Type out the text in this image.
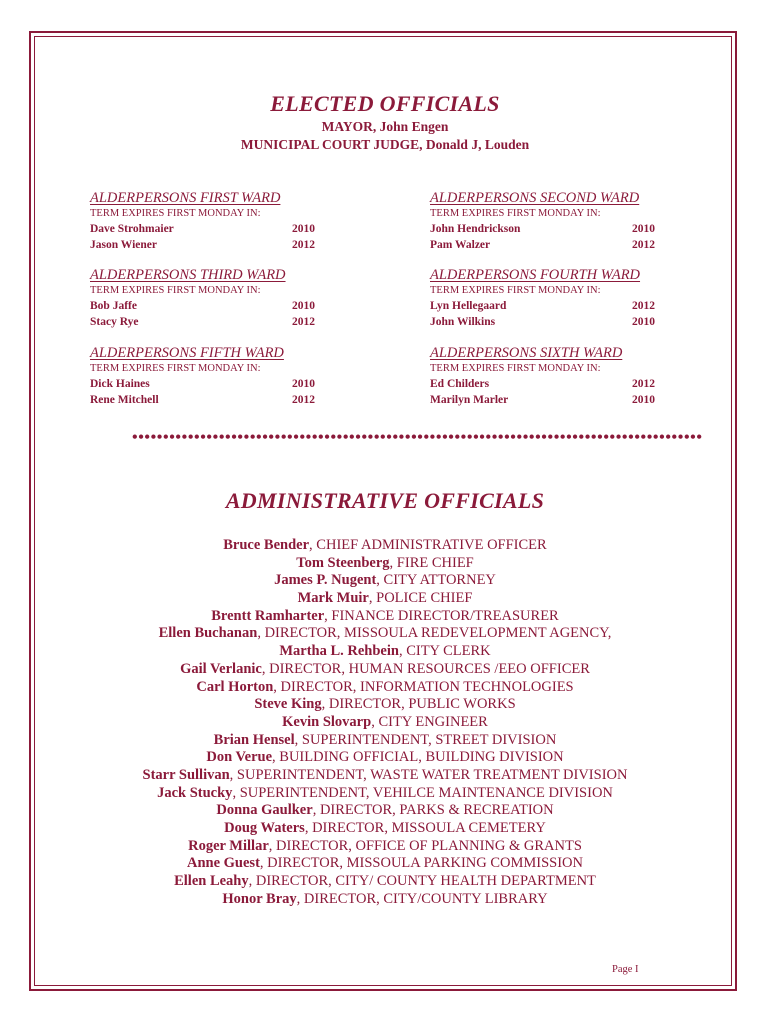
ELECTED OFFICIALS
MAYOR, John Engen
MUNICIPAL COURT JUDGE, Donald J, Louden
ALDERPERSONS FIRST WARD
TERM EXPIRES FIRST MONDAY IN:
Dave Strohmaier	2010
Jason Wiener	2012
ALDERPERSONS SECOND WARD
TERM EXPIRES FIRST MONDAY IN:
John Hendrickson	2010
Pam Walzer	2012
ALDERPERSONS THIRD WARD
TERM EXPIRES FIRST MONDAY IN:
Bob Jaffe	2010
Stacy Rye	2012
ALDERPERSONS FOURTH WARD
TERM EXPIRES FIRST MONDAY IN:
Lyn Hellegaard	2012
John Wilkins	2010
ALDERPERSONS FIFTH WARD
TERM EXPIRES FIRST MONDAY IN:
Dick Haines	2010
Rene Mitchell	2012
ALDERPERSONS SIXTH WARD
TERM EXPIRES FIRST MONDAY IN:
Ed Childers	2012
Marilyn Marler	2010
••••••••••••••••••••••••••••••••••••••••••••••••••••••••••••••••••••••••••••••••••••••••••••
ADMINISTRATIVE OFFICIALS
Bruce Bender, CHIEF ADMINISTRATIVE OFFICER
Tom Steenberg, FIRE CHIEF
James P. Nugent, CITY ATTORNEY
Mark Muir, POLICE CHIEF
Brentt Ramharter, FINANCE DIRECTOR/TREASURER
Ellen Buchanan, DIRECTOR, MISSOULA REDEVELOPMENT AGENCY,
Martha L. Rehbein, CITY CLERK
Gail Verlanic, DIRECTOR, HUMAN RESOURCES /EEO OFFICER
Carl Horton, DIRECTOR, INFORMATION TECHNOLOGIES
Steve King, DIRECTOR, PUBLIC WORKS
Kevin Slovarp, CITY ENGINEER
Brian Hensel, SUPERINTENDENT, STREET DIVISION
Don Verue, BUILDING OFFICIAL, BUILDING DIVISION
Starr Sullivan, SUPERINTENDENT, WASTE WATER TREATMENT DIVISION
Jack Stucky, SUPERINTENDENT, VEHILCE MAINTENANCE DIVISION
Donna Gaulker, DIRECTOR, PARKS & RECREATION
Doug Waters, DIRECTOR, MISSOULA CEMETERY
Roger Millar, DIRECTOR, OFFICE OF PLANNING & GRANTS
Anne Guest, DIRECTOR, MISSOULA PARKING COMMISSION
Ellen Leahy, DIRECTOR, CITY/ COUNTY HEALTH DEPARTMENT
Honor Bray, DIRECTOR, CITY/COUNTY LIBRARY
Page I
